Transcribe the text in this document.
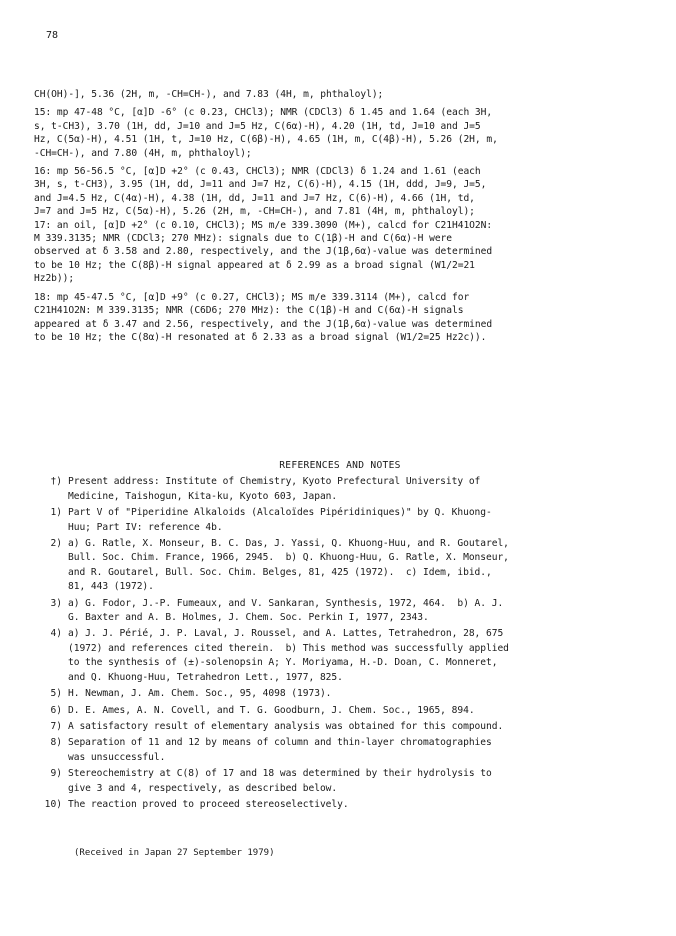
78
CH(OH)-], 5.36 (2H, m, -CH=CH-), and 7.83 (4H, m, phthaloyl);
15: mp 47-48 °C, [α]D -6° (c 0.23, CHCl3); NMR (CDCl3) δ 1.45 and 1.64 (each 3H,
s, t-CH3), 3.70 (1H, dd, J=10 and J=5 Hz, C(6α)-H), 4.20 (1H, td, J=10 and J=5
Hz, C(5α)-H), 4.51 (1H, t, J=10 Hz, C(6β)-H), 4.65 (1H, m, C(4β)-H), 5.26 (2H, m,
-CH=CH-), and 7.80 (4H, m, phthaloyl);
16: mp 56-56.5 °C, [α]D +2° (c 0.43, CHCl3); NMR (CDCl3) δ 1.24 and 1.61 (each
3H, s, t-CH3), 3.95 (1H, dd, J=11 and J=7 Hz, C(6)-H), 4.15 (1H, ddd, J=9, J=5,
and J=4.5 Hz, C(4α)-H), 4.38 (1H, dd, J=11 and J=7 Hz, C(6)-H), 4.66 (1H, td,
J=7 and J=5 Hz, C(5α)-H), 5.26 (2H, m, -CH=CH-), and 7.81 (4H, m, phthaloyl);
17: an oil, [α]D +2° (c 0.10, CHCl3); MS m/e 339.3090 (M+), calcd for C21H41O2N:
M 339.3135; NMR (CDCl3; 270 MHz): signals due to C(1β)-H and C(6α)-H were
observed at δ 3.58 and 2.80, respectively, and the J(1β,6α)-value was determined
to be 10 Hz; the C(8β)-H signal appeared at δ 2.99 as a broad signal (W1/2=21
Hz2b));
18: mp 45-47.5 °C, [α]D +9° (c 0.27, CHCl3); MS m/e 339.3114 (M+), calcd for
C21H41O2N: M 339.3135; NMR (C6D6; 270 MHz): the C(1β)-H and C(6α)-H signals
appeared at δ 3.47 and 2.56, respectively, and the J(1β,6α)-value was determined
to be 10 Hz; the C(8α)-H resonated at δ 2.33 as a broad signal (W1/2=25 Hz2c)).
REFERENCES AND NOTES
†) Present address: Institute of Chemistry, Kyoto Prefectural University of
Medicine, Taishogun, Kita-ku, Kyoto 603, Japan.
1) Part V of "Piperidine Alkaloids (Alcaloïdes Pipéridiniques)" by Q. Khuong-
Huu; Part IV: reference 4b.
2) a) G. Ratle, X. Monseur, B. C. Das, J. Yassi, Q. Khuong-Huu, and R. Goutarel,
Bull. Soc. Chim. France, 1966, 2945.  b) Q. Khuong-Huu, G. Ratle, X. Monseur,
and R. Goutarel, Bull. Soc. Chim. Belges, 81, 425 (1972).  c) Idem, ibid.,
81, 443 (1972).
3) a) G. Fodor, J.-P. Fumeaux, and V. Sankaran, Synthesis, 1972, 464.  b) A. J.
G. Baxter and A. B. Holmes, J. Chem. Soc. Perkin I, 1977, 2343.
4) a) J. J. Périé, J. P. Laval, J. Roussel, and A. Lattes, Tetrahedron, 28, 675
(1972) and references cited therein.  b) This method was successfully applied
to the synthesis of (±)-solenopsin A; Y. Moriyama, H.-D. Doan, C. Monneret,
and Q. Khuong-Huu, Tetrahedron Lett., 1977, 825.
5) H. Newman, J. Am. Chem. Soc., 95, 4098 (1973).
6) D. E. Ames, A. N. Covell, and T. G. Goodburn, J. Chem. Soc., 1965, 894.
7) A satisfactory result of elementary analysis was obtained for this compound.
8) Separation of 11 and 12 by means of column and thin-layer chromatographies
was unsuccessful.
9) Stereochemistry at C(8) of 17 and 18 was determined by their hydrolysis to
give 3 and 4, respectively, as described below.
10) The reaction proved to proceed stereoselectively.
(Received in Japan 27 September 1979)
